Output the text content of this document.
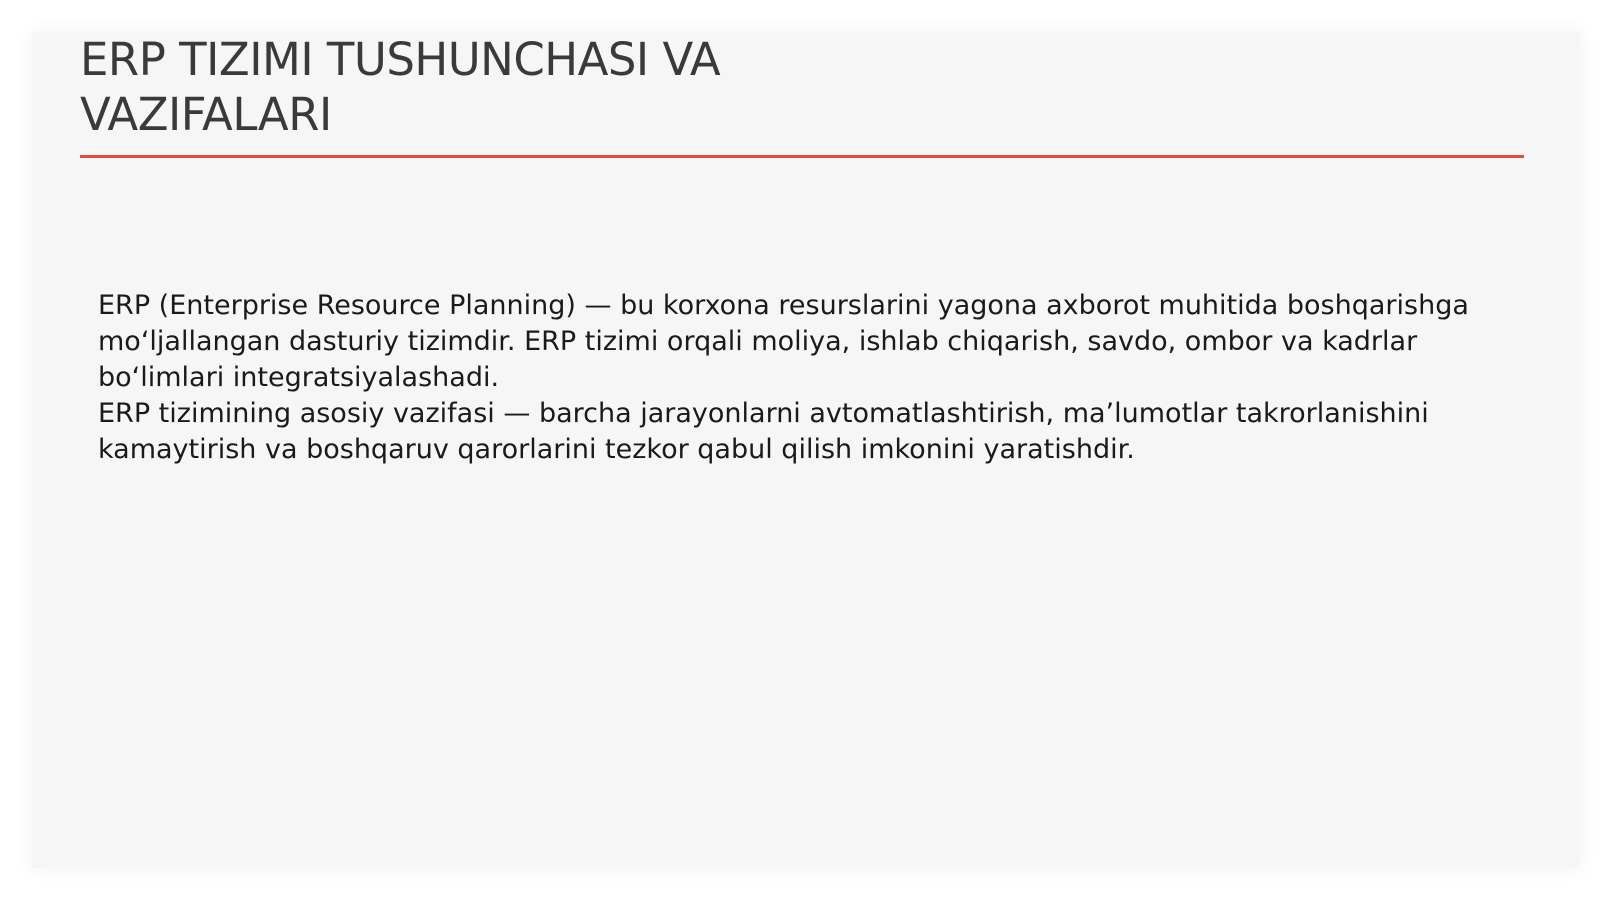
ERP TIZIMI TUSHUNCHASI VA
VAZIFALARI

ERP (Enterprise Resource Planning) — bu korxona resurslarini yagona axborot muhitida boshqarishga mo‘ljallangan dasturiy tizimdir. ERP tizimi orqali moliya, ishlab chiqarish, savdo, ombor va kadrlar bo‘limlari integratsiyalashadi.

ERP tizimining asosiy vazifasi — barcha jarayonlarni avtomatlashtirish, ma’lumotlar takrorlanishini kamaytirish va boshqaruv qarorlarini tezkor qabul qilish imkonini yaratishdir.
